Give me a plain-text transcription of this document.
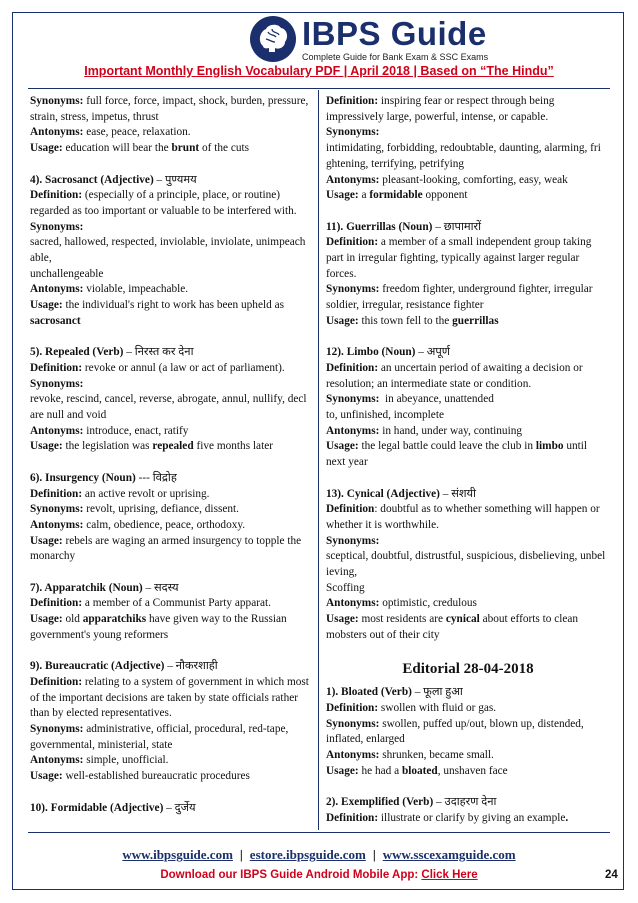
IBPS Guide
Complete Guide for Bank Exam & SSC Exams
Important Monthly English Vocabulary PDF | April 2018 | Based on “The Hindu”
Synonyms: full force, force, impact, shock, burden, pressure,
strain, stress, impetus, thrust
Antonyms: ease, peace, relaxation.
Usage: education will bear the brunt of the cuts
4). Sacrosanct (Adjective) – पुण्यमय
Definition: (especially of a principle, place, or routine)
regarded as too important or valuable to be interfered with.
Synonyms:
sacred, hallowed, respected, inviolable, inviolate, unimpeach
able,
unchallengeable
Antonyms: violable, impeachable.
Usage: the individual's right to work has been upheld as
sacrosanct
5). Repealed (Verb) – निरस्त कर देना
Definition: revoke or annul (a law or act of parliament).
Synonyms:
revoke, rescind, cancel, reverse, abrogate, annul, nullify, decl
are null and void
Antonyms: introduce, enact, ratify
Usage: the legislation was repealed five months later
6). Insurgency (Noun) --- विद्रोह
Definition: an active revolt or uprising.
Synonyms: revolt, uprising, defiance, dissent.
Antonyms: calm, obedience, peace, orthodoxy.
Usage: rebels are waging an armed insurgency to topple the
monarchy
7). Apparatchik (Noun) – सदस्य
Definition: a member of a Communist Party apparat.
Usage: old apparatchiks have given way to the Russian
government's young reformers
9). Bureaucratic (Adjective) – नौकरशाही
Definition: relating to a system of government in which most
of the important decisions are taken by state officials rather
than by elected representatives.
Synonyms: administrative, official, procedural, red-tape,
governmental, ministerial, state
Antonyms: simple, unofficial.
Usage: well-established bureaucratic procedures
10). Formidable (Adjective) – दुर्जेय
Definition: inspiring fear or respect through being
impressively large, powerful, intense, or capable.
Synonyms:
intimidating, forbidding, redoubtable, daunting, alarming, fri
ghtening, terrifying, petrifying
Antonyms: pleasant-looking, comforting, easy, weak
Usage: a formidable opponent
11). Guerrillas (Noun) – छापामारों
Definition: a member of a small independent group taking
part in irregular fighting, typically against larger regular
forces.
Synonyms: freedom fighter, underground fighter, irregular
soldier, irregular, resistance fighter
Usage: this town fell to the guerrillas
12). Limbo (Noun) – अपूर्ण
Definition: an uncertain period of awaiting a decision or
resolution; an intermediate state or condition.
Synonyms: in abeyance, unattended
to, unfinished, incomplete
Antonyms: in hand, under way, continuing
Usage: the legal battle could leave the club in limbo until
next year
13). Cynical (Adjective) – संशयी
Definition: doubtful as to whether something will happen or
whether it is worthwhile.
Synonyms:
sceptical, doubtful, distrustful, suspicious, disbelieving, unbel
ieving,
Scoffing
Antonyms: optimistic, credulous
Usage: most residents are cynical about efforts to clean
mobsters out of their city
Editorial 28-04-2018
1). Bloated (Verb) – फूला हुआ
Definition: swollen with fluid or gas.
Synonyms: swollen, puffed up/out, blown up, distended,
inflated, enlarged
Antonyms: shrunken, became small.
Usage: he had a bloated, unshaven face
2). Exemplified (Verb) – उदाहरण देना
Definition: illustrate or clarify by giving an example.
www.ibpsguide.com | estore.ibpsguide.com | www.sscexamguide.com
Download our IBPS Guide Android Mobile App: Click Here	24
